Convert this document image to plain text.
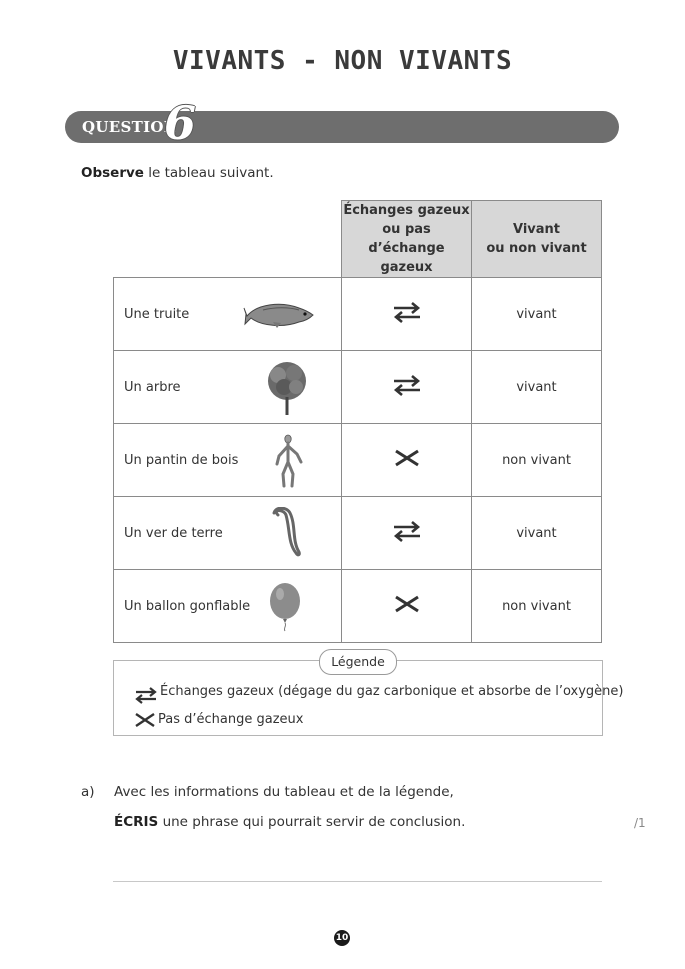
VIVANTS - NON VIVANTS
QUESTION
6
Observe le tableau suivant.
	Échanges gazeux
ou pas d’échange
gazeux	Vivant
ou non vivant

Une truite		vivant

Un arbre		vivant

Un pantin de bois		non vivant

Un ver de terre		vivant

Un ballon gonflable		non vivant
Échanges gazeux (dégage du gaz carbonique et absorbe de l’oxygène)
Pas d’échange gazeux
Légende
a) Avec les informations du tableau et de la légende,
ÉCRIS une phrase qui pourrait servir de conclusion.	/1
10
